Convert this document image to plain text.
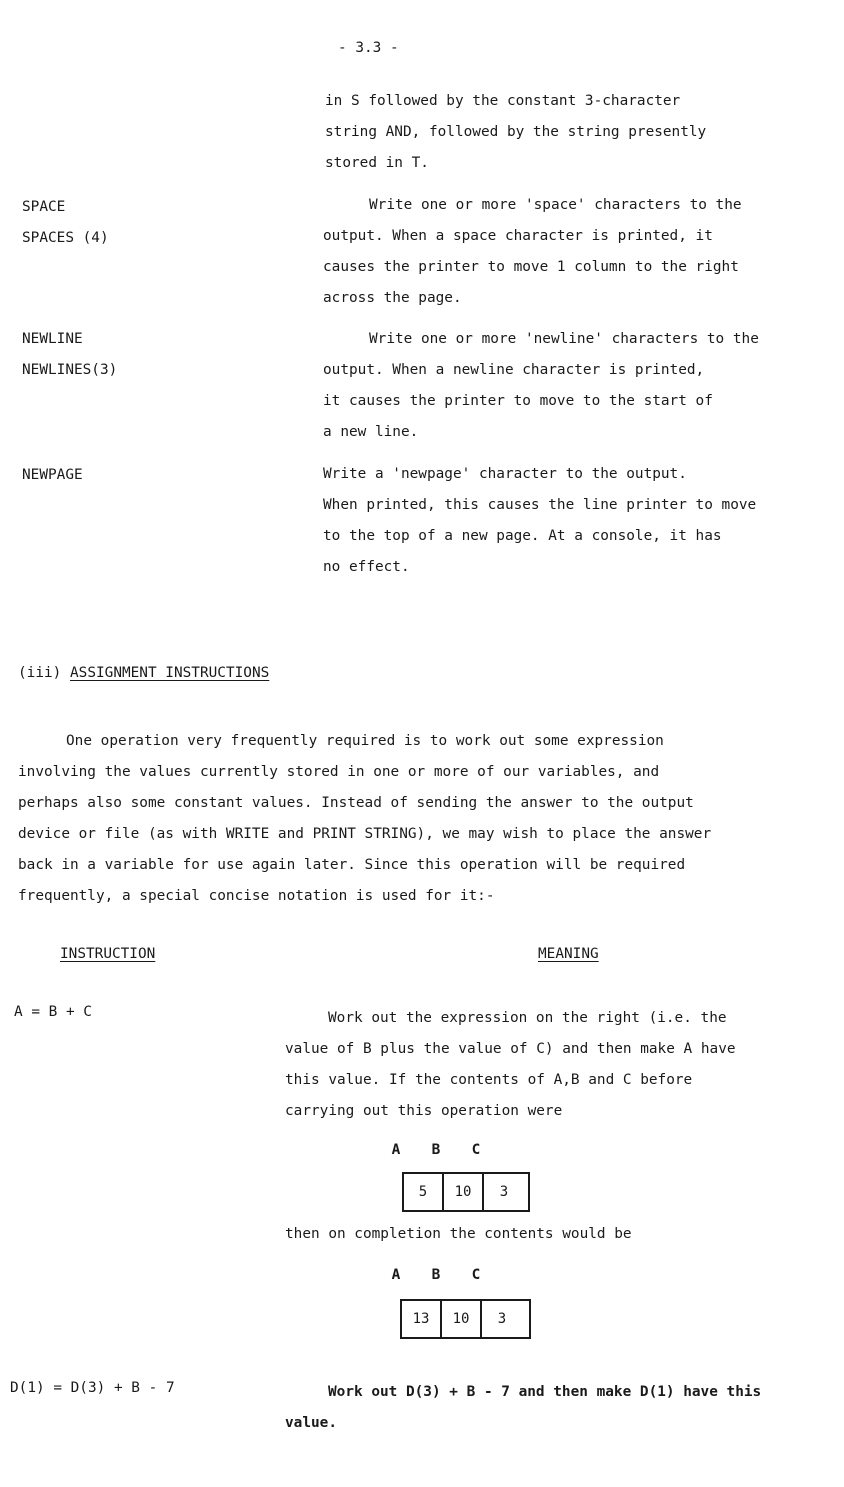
- 3.3 -
in S followed by the constant 3-character
string AND, followed by the string presently
stored in T.
SPACE
SPACES (4)
Write one or more 'space' characters to the
output. When a space character is printed, it
causes the printer to move 1 column to the right
across the page.
NEWLINE
NEWLINES(3)
Write one or more 'newline' characters to the
output. When a newline character is printed,
it causes the printer to move to the start of
a new line.
NEWPAGE	Write a 'newpage' character to the output.
When printed, this causes the line printer to move
to the top of a new page. At a console, it has
no effect.
(iii) ASSIGNMENT INSTRUCTIONS
One operation very frequently required is to work out some expression
involving the values currently stored in one or more of our variables, and
perhaps also some constant values. Instead of sending the answer to the output
device or file (as with WRITE and PRINT STRING), we may wish to place the answer
back in a variable for use again later. Since this operation will be required
frequently, a special concise notation is used for it:-
INSTRUCTION	MEANING
A = B + C	Work out the expression on the right (i.e. the
value of B plus the value of C) and then make A have
this value. If the contents of A,B and C before
carrying out this operation were
A	B	C
5	10	3
then on completion the contents would be
A	B	C
13	10	3
D(1) = D(3) + B - 7	Work out D(3) + B - 7 and then make D(1) have this
value.
